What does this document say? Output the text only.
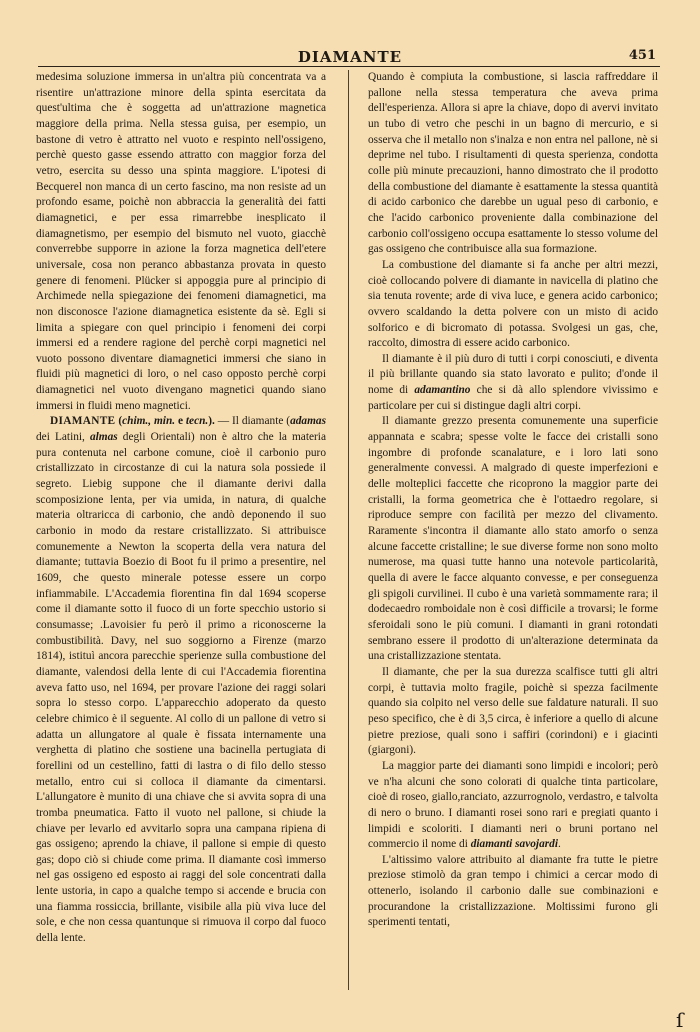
DIAMANTE	451

medesima soluzione immersa in un'altra più concentrata va a risentire un'attrazione minore della spinta esercitata da quest'ultima che è soggetta ad un'attrazione magnetica maggiore della prima. Nella stessa guisa, per esempio, un bastone di vetro è attratto nel vuoto e respinto nell'ossigeno, perchè questo gasse essendo attratto con maggior forza del vetro, esercita su desso una spinta maggiore. L'ipotesi di Becquerel non manca di un certo fascino, ma non resiste ad un profondo esame, poichè non abbraccia la generalità dei fatti diamagnetici, e per essa rimarrebbe inesplicato il diamagnetismo, per esempio del bismuto nel vuoto, giacchè converrebbe supporre in azione la forza magnetica dell'etere universale, cosa non peranco abbastanza provata in questo genere di fenomeni. Plücker si appoggia pure al principio di Archimede nella spiegazione dei fenomeni diamagnetici, ma non disconosce l'azione diamagnetica esistente da sè. Egli si limita a spiegare con quel principio i fenomeni dei corpi immersi ed a rendere ragione del perchè corpi magnetici nel vuoto possono diventare diamagnetici immersi che siano in fluidi più magnetici di loro, o nel caso opposto perchè corpi diamagnetici nel vuoto divengano magnetici quando siano immersi in fluidi meno magnetici.

DIAMANTE (chim., min. e tecn.). — Il diamante (adamas dei Latini, almas degli Orientali) non è altro che la materia pura contenuta nel carbone comune, cioè il carbonio puro cristallizzato in circostanze di cui la natura sola possiede il segreto. Liebig suppone che il diamante derivi dalla scomposizione lenta, per via umida, in natura, di qualche materia oltraricca di carbonio, che andò deponendo il suo carbonio in modo da restare cristallizzato. Si attribuisce comunemente a Newton la scoperta della vera natura del diamante; tuttavia Boezio di Boot fu il primo a presentire, nel 1609, che questo minerale potesse essere un corpo infiammabile. L'Accademia fiorentina fin dal 1694 scoperse come il diamante sotto il fuoco di un forte specchio ustorio si consumasse; .Lavoisier fu però il primo a riconoscerne la combustibilità. Davy, nel suo soggiorno a Firenze (marzo 1814), istituì ancora parecchie sperienze sulla combustione del diamante, valendosi della lente di cui l'Accademia fiorentina aveva fatto uso, nel 1694, per provare l'azione dei raggi solari sopra lo stesso corpo. L'apparecchio adoperato da questo celebre chimico è il seguente. Al collo di un pallone di vetro si adatta un allungatore al quale è fissata internamente una verghetta di platino che sostiene una bacinella pertugiata di forellini od un cestellino, fatti di lastra o di filo dello stesso metallo, entro cui si colloca il diamante da cimentarsi. L'allungatore è munito di una chiave che si avvita sopra di una tromba pneumatica. Fatto il vuoto nel pallone, si chiude la chiave per levarlo ed avvitarlo sopra una campana ripiena di gas ossigeno; aprendo la chiave, il pallone si empie di questo gas; dopo ciò si chiude come prima. Il diamante così immerso nel gas ossigeno ed esposto ai raggi del sole concentrati dalla lente ustoria, in capo a qualche tempo si accende e brucia con una fiamma rossiccia, brillante, visibile alla più viva luce del sole, e che non cessa quantunque si rimuova il corpo dal fuoco della lente.

Quando è compiuta la combustione, si lascia raffreddare il pallone nella stessa temperatura che aveva prima dell'esperienza. Allora si apre la chiave, dopo di avervi invitato un tubo di vetro che peschi in un bagno di mercurio, e si osserva che il metallo non s'inalza e non entra nel pallone, nè si deprime nel tubo. I risultamenti di questa sperienza, condotta colle più minute precauzioni, hanno dimostrato che il prodotto della combustione del diamante è esattamente la stessa quantità di acido carbonico che darebbe un ugual peso di carbonio, e che l'acido carbonico proveniente dalla combinazione del carbonio coll'ossigeno occupa esattamente lo stesso volume del gas ossigeno che contribuisce alla sua formazione.

La combustione del diamante si fa anche per altri mezzi, cioè collocando polvere di diamante in navicella di platino che sia tenuta rovente; arde di viva luce, e genera acido carbonico; ovvero scaldando la detta polvere con un misto di acido solforico e di bicromato di potassa. Svolgesi un gas, che, raccolto, dimostra di essere acido carbonico.

Il diamante è il più duro di tutti i corpi conosciuti, e diventa il più brillante quando sia stato lavorato e pulito; d'onde il nome di adamantino che si dà allo splendore vivissimo e particolare per cui si distingue dagli altri corpi.

Il diamante grezzo presenta comunemente una superficie appannata e scabra; spesse volte le facce dei cristalli sono ingombre di profonde scanalature, e i loro lati sono generalmente convessi. A malgrado di queste imperfezioni e delle molteplici faccette che ricoprono la maggior parte dei cristalli, la forma geometrica che è l'ottaedro regolare, si riproduce sempre con facilità per mezzo del clivamento. Raramente s'incontra il diamante allo stato amorfo o senza alcune faccette cristalline; le sue diverse forme non sono molto numerose, ma quasi tutte hanno una notevole particolarità, quella di avere le facce alquanto convesse, e per conseguenza gli spigoli curvilinei. Il cubo è una varietà sommamente rara; il dodecaedro romboidale non è così difficile a trovarsi; le forme sferoidali sono le più comuni. I diamanti in grani rotondati sembrano essere il prodotto di un'alterazione determinata da una cristallizzazione stentata.

Il diamante, che per la sua durezza scalfisce tutti gli altri corpi, è tuttavia molto fragile, poichè si spezza facilmente quando sia colpito nel verso delle sue faldature naturali. Il suo peso specifico, che è di 3,5 circa, è inferiore a quello di alcune pietre preziose, quali sono i saffiri (corindoni) e i giacinti (giargoni).

La maggior parte dei diamanti sono limpidi e incolori; però ve n'ha alcuni che sono colorati di qualche tinta particolare, cioè di roseo, giallo,ranciato, azzurrognolo, verdastro, e talvolta di nero o bruno. I diamanti rosei sono rari e pregiati quanto i limpidi e scoloriti. I diamanti neri o bruni portano nel commercio il nome di diamanti savojardi.

L'altissimo valore attribuito al diamante fra tutte le pietre preziose stimolò da gran tempo i chimici a cercar modo di ottenerlo, isolando il carbonio dalle sue combinazioni e procurandone la cristallizzazione. Moltissimi furono gli sperimenti tentati,

ſ
